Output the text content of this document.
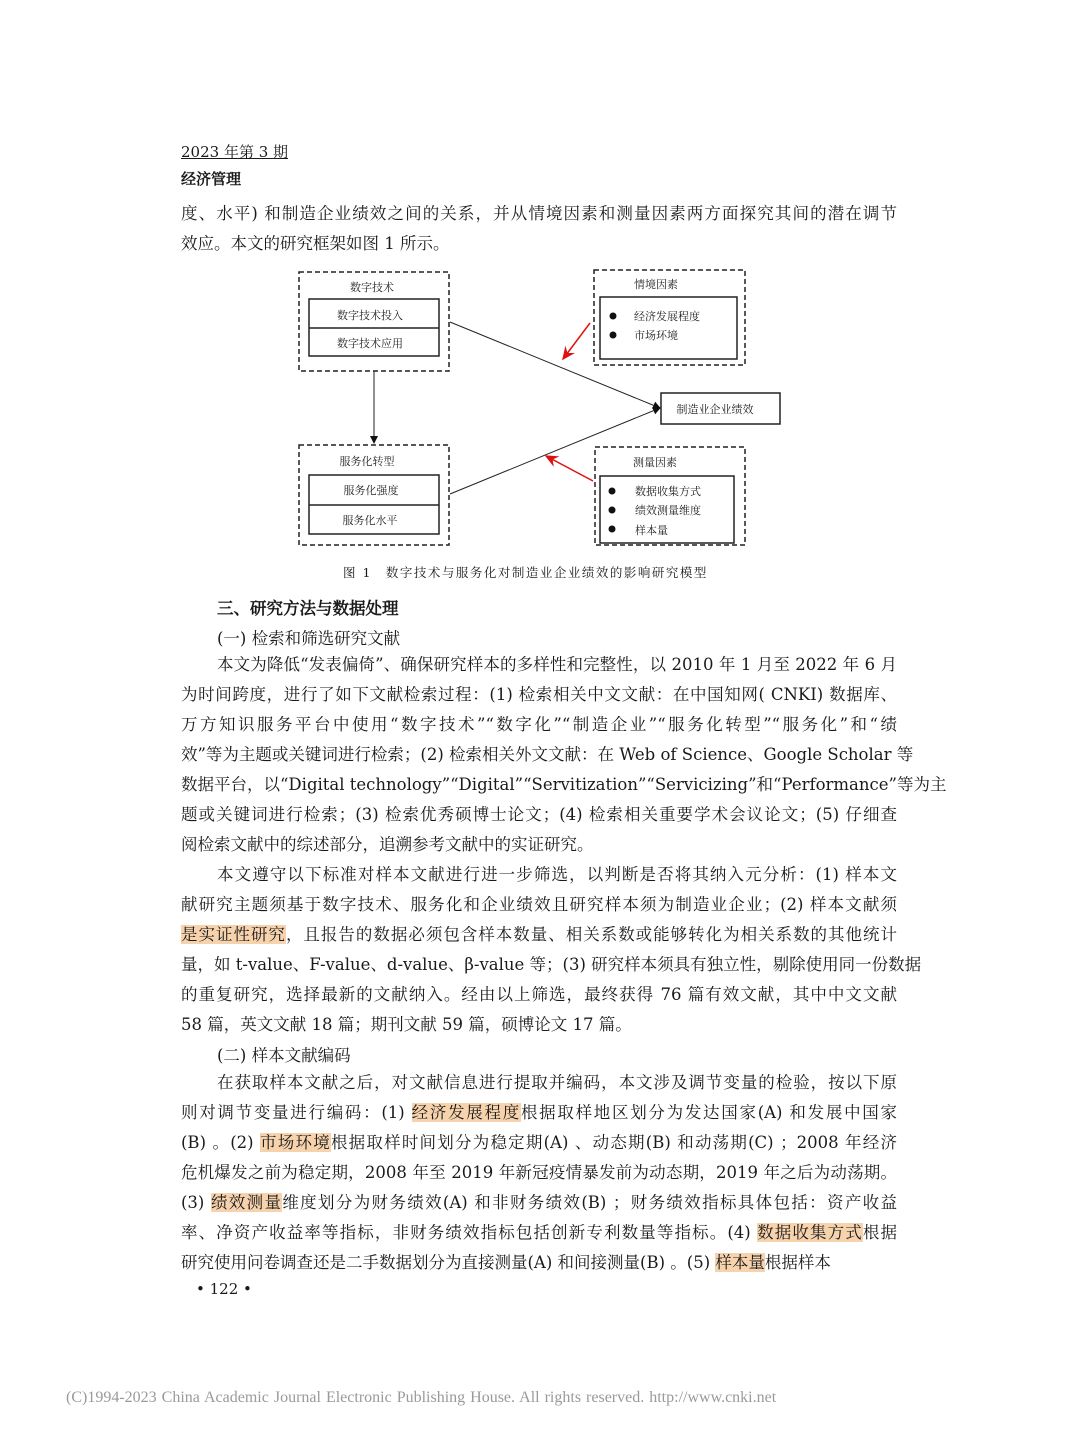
2023 年第 3 期
经济管理
度、水平) 和制造企业绩效之间的关系，并从情境因素和测量因素两方面探究其间的潜在调节
效应。本文的研究框架如图 1 所示。
数字技术
数字技术投入
数字技术应用
情境因素
经济发展程度
市场环境
制造业企业绩效
服务化转型
服务化强度
服务化水平
测量因素
数据收集方式
绩效测量维度
样本量
图 1　数字技术与服务化对制造业企业绩效的影响研究模型
三、研究方法与数据处理
(一) 检索和筛选研究文献
本文为降低“发表偏倚”、确保研究样本的多样性和完整性，以 2010 年 1 月至 2022 年 6 月
为时间跨度，进行了如下文献检索过程：(1) 检索相关中文文献：在中国知网( CNKI) 数据库、
万方知识服务平台中使用“数字技术”“数字化”“制造企业”“服务化转型”“服务化”和“绩
效”等为主题或关键词进行检索；(2) 检索相关外文文献：在 Web of Science、Google Scholar 等
数据平台，以“Digital technology”“Digital”“Servitization”“Servicizing”和“Performance”等为主
题或关键词进行检索；(3) 检索优秀硕博士论文；(4) 检索相关重要学术会议论文；(5) 仔细查
阅检索文献中的综述部分，追溯参考文献中的实证研究。
本文遵守以下标准对样本文献进行进一步筛选，以判断是否将其纳入元分析：(1) 样本文
献研究主题须基于数字技术、服务化和企业绩效且研究样本须为制造业企业；(2) 样本文献须
是实证性研究，且报告的数据必须包含样本数量、相关系数或能够转化为相关系数的其他统计
量，如 t-value、F-value、d-value、β-value 等；(3) 研究样本须具有独立性，剔除使用同一份数据
的重复研究，选择最新的文献纳入。经由以上筛选，最终获得 76 篇有效文献，其中中文文献
58 篇，英文文献 18 篇；期刊文献 59 篇，硕博论文 17 篇。
(二) 样本文献编码
在获取样本文献之后，对文献信息进行提取并编码，本文涉及调节变量的检验，按以下原
则对调节变量进行编码：(1) 经济发展程度根据取样地区划分为发达国家(A) 和发展中国家
(B) 。(2) 市场环境根据取样时间划分为稳定期(A) 、动态期(B) 和动荡期(C) ；2008 年经济
危机爆发之前为稳定期，2008 年至 2019 年新冠疫情暴发前为动态期，2019 年之后为动荡期。
(3) 绩效测量维度划分为财务绩效(A) 和非财务绩效(B) ；财务绩效指标具体包括：资产收益
率、净资产收益率等指标，非财务绩效指标包括创新专利数量等指标。(4) 数据收集方式根据
研究使用问卷调查还是二手数据划分为直接测量(A) 和间接测量(B) 。(5) 样本量根据样本
• 122 •
(C)1994-2023 China Academic Journal Electronic Publishing House. All rights reserved. http://www.cnki.net
